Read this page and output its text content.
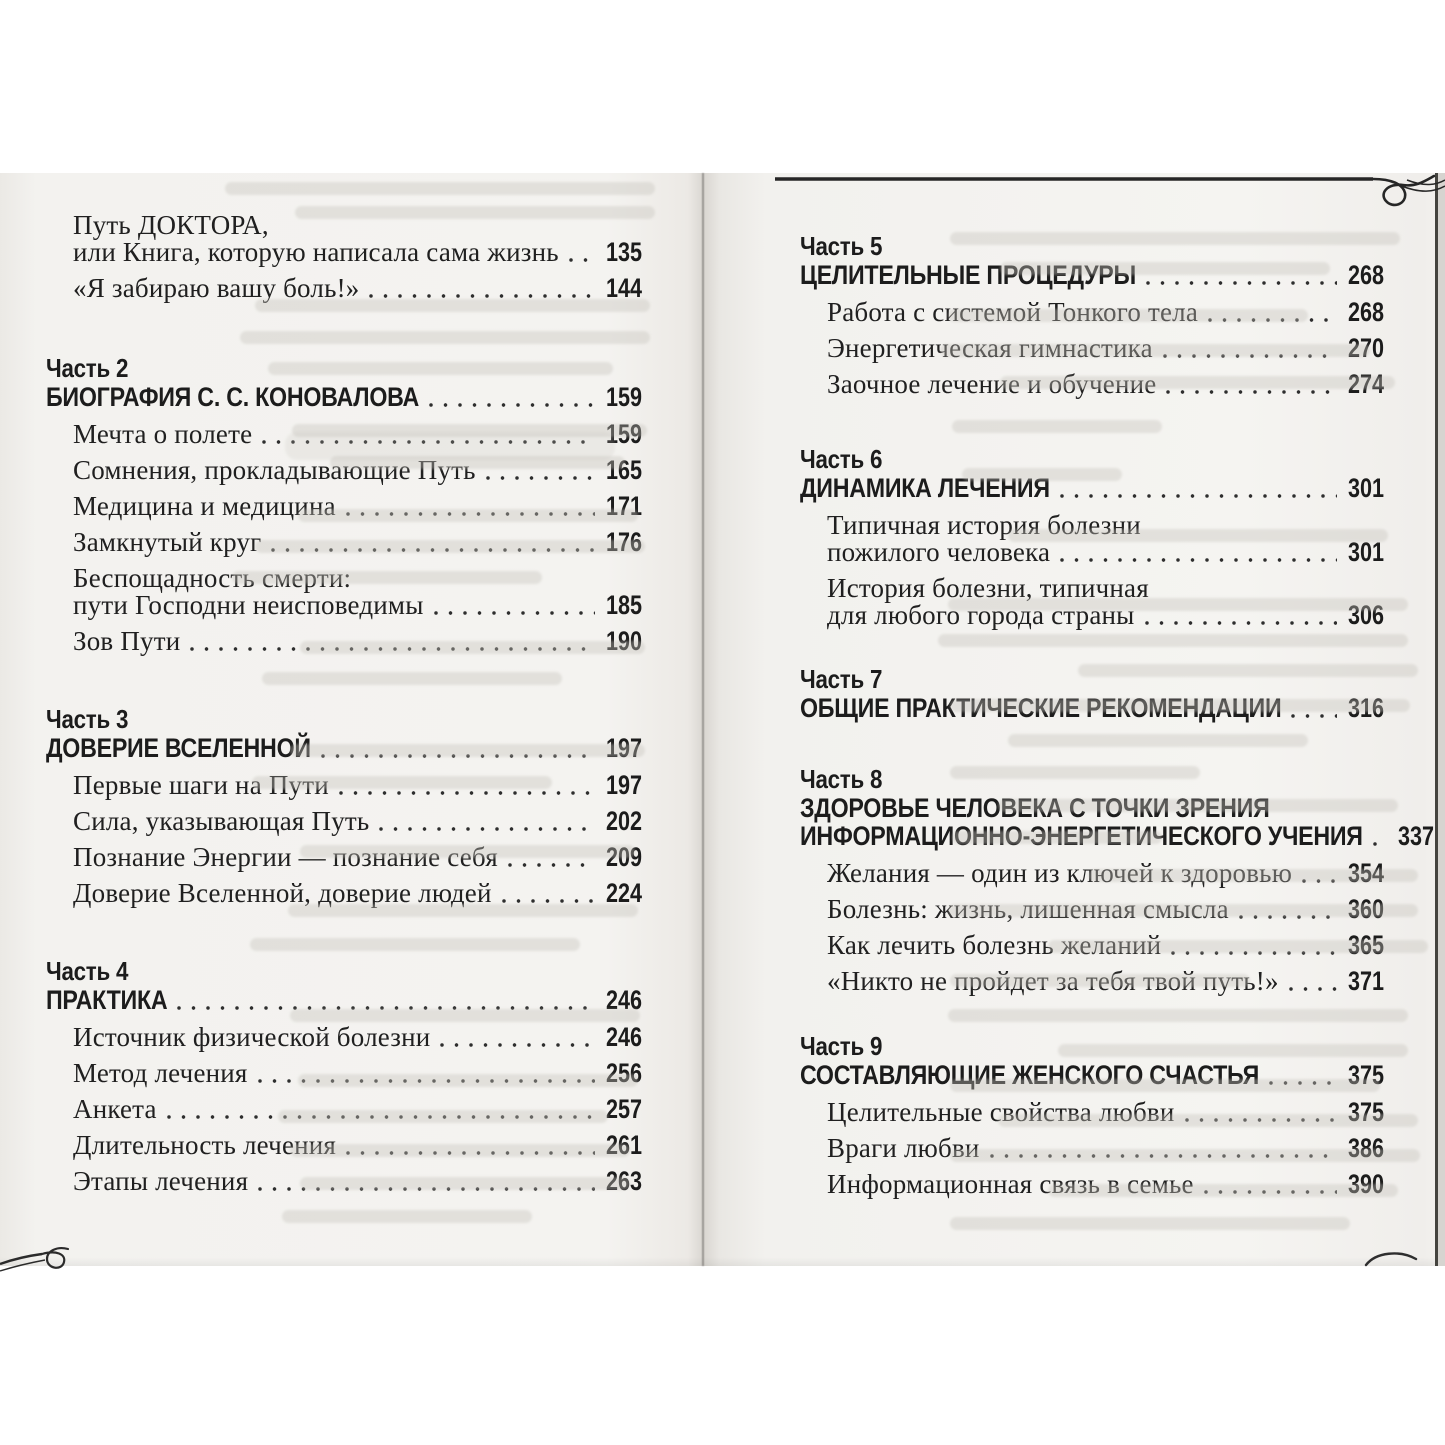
Путь ДОКТОРА,
или Книга, которую написала сама жизнь 135
«Я забираю вашу боль!»	144
Часть 2
БИОГРАФИЯ С. С. КОНОВАЛОВА	159
Мечта о полете	159
Сомнения, прокладывающие Путь	165
Медицина и медицина	171
Замкнутый круг	176
Беспощадность смерти:
пути Господни неисповедимы	185
Зов Пути	190
Часть 3
ДОВЕРИЕ ВСЕЛЕННОЙ	197
Первые шаги на Пути	197
Сила, указывающая Путь	202
Познание Энергии — познание себя	209
Доверие Вселенной, доверие людей	224
Часть 4
ПРАКТИКА	246
Источник физической болезни	246
Метод лечения	256
Анкета	257
Длительность лечения	261
Этапы лечения	263
Часть 5
ЦЕЛИТЕЛЬНЫЕ ПРОЦЕДУРЫ	268
Работа с системой Тонкого тела	268
Энергетическая гимнастика	270
Заочное лечение и обучение	274
Часть 6
ДИНАМИКА ЛЕЧЕНИЯ	301
Типичная история болезни
пожилого человека	301
История болезни, типичная
для любого города страны	306
Часть 7
ОБЩИЕ ПРАКТИЧЕСКИЕ РЕКОМЕНДАЦИИ 316
Часть 8
ЗДОРОВЬЕ ЧЕЛОВЕКА С ТОЧКИ ЗРЕНИЯ
ИНФОРМАЦИОННО-ЭНЕРГЕТИЧЕСКОГО УЧЕНИЯ 337
Желания — один из ключей к здоровью 354
Болезнь: жизнь, лишенная смысла	360
Как лечить болезнь желаний	365
«Никто не пройдет за тебя твой путь!»	371
Часть 9
СОСТАВЛЯЮЩИЕ ЖЕНСКОГО СЧАСТЬЯ	375
Целительные свойства любви	375
Враги любви	386
Информационная связь в семье	390
